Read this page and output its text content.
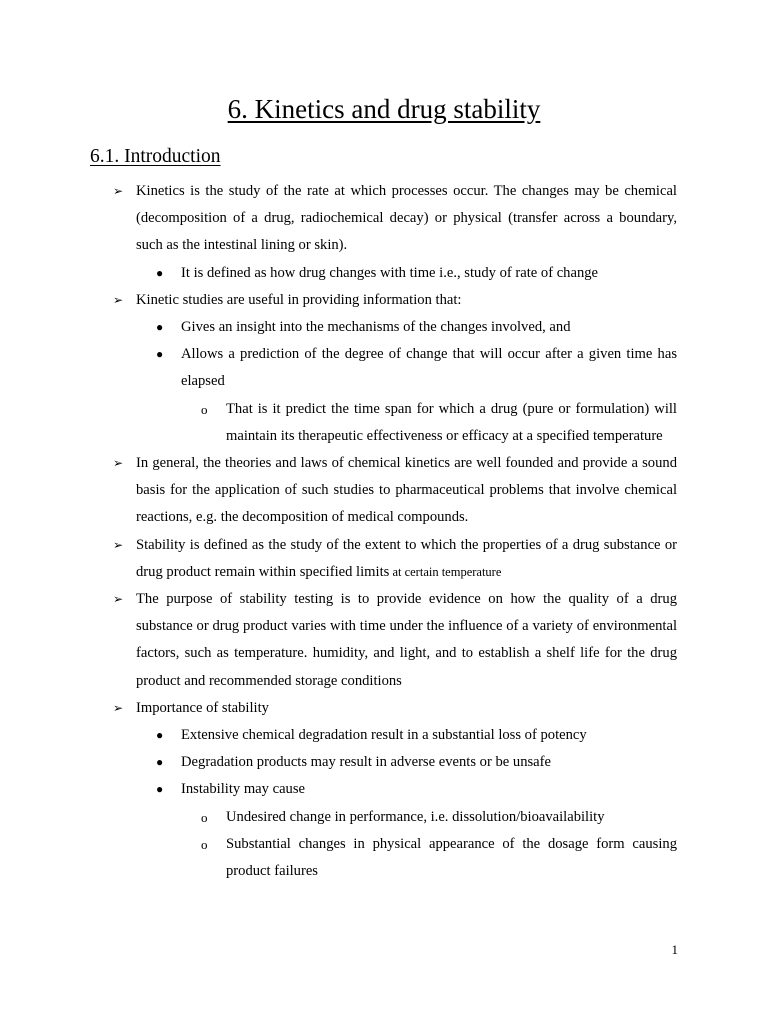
6. Kinetics and drug stability
6.1. Introduction
➢ Kinetics is the study of the rate at which processes occur. The changes may be chemical (decomposition of a drug, radiochemical decay) or physical (transfer across a boundary, such as the intestinal lining or skin).
● It is defined as how drug changes with time i.e., study of rate of change
➢ Kinetic studies are useful in providing information that:
● Gives an insight into the mechanisms of the changes involved, and
● Allows a prediction of the degree of change that will occur after a given time has elapsed
o That is it predict the time span for which a drug (pure or formulation) will maintain its therapeutic effectiveness or efficacy at a specified temperature
➢ In general, the theories and laws of chemical kinetics are well founded and provide a sound basis for the application of such studies to pharmaceutical problems that involve chemical reactions, e.g. the decomposition of medical compounds.
➢ Stability is defined as the study of the extent to which the properties of a drug substance or drug product remain within specified limits at certain temperature
➢ The purpose of stability testing is to provide evidence on how the quality of a drug substance or drug product varies with time under the influence of a variety of environmental factors, such as temperature. humidity, and light, and to establish a shelf life for the drug product and recommended storage conditions
➢ Importance of stability
● Extensive chemical degradation result in a substantial loss of potency
● Degradation products may result in adverse events or be unsafe
● Instability may cause
o Undesired change in performance, i.e. dissolution/bioavailability
o Substantial changes in physical appearance of the dosage form causing product failures
1
